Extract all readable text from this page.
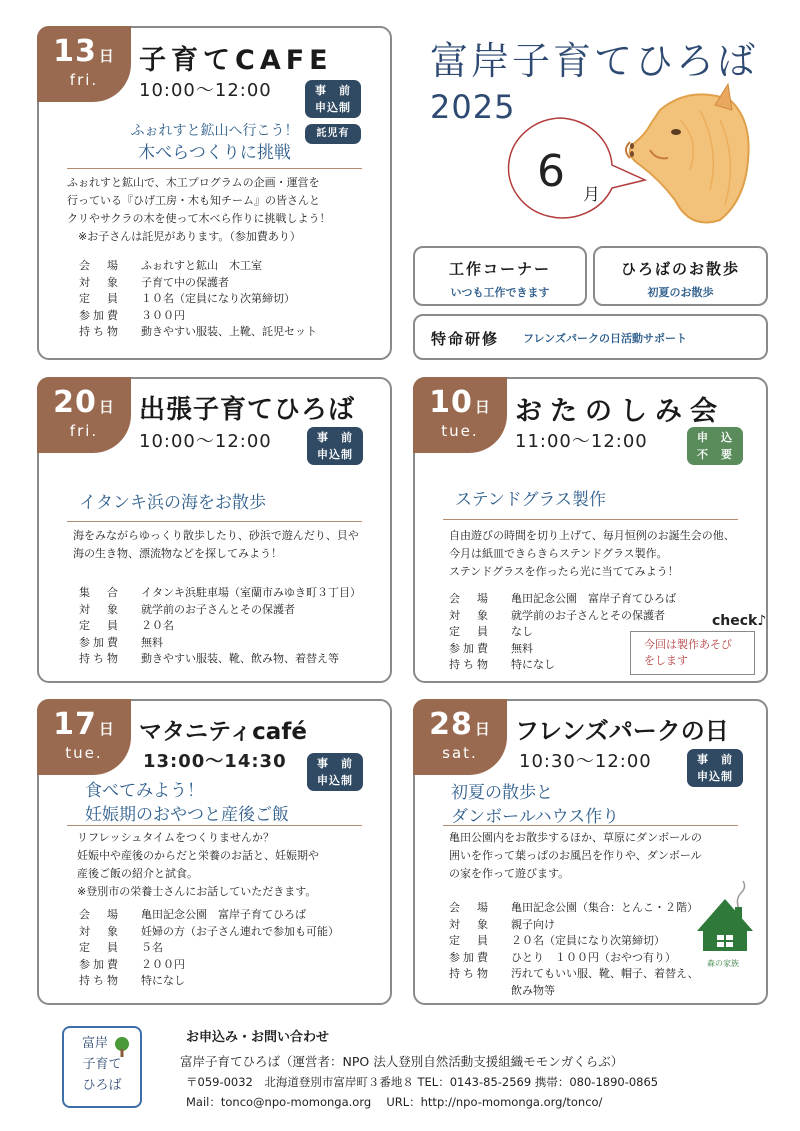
富岸子育てひろば
2025
6 月
工作コーナー
いつも工作できます
ひろばのお散歩
初夏のお散歩
特命研修 フレンズパークの日活動サポート
13 日
fri.
子育てCAFE
10:00〜12:00	事　前
申込制
託児有
ふぉれすと鉱山へ行こう！
木べらつくりに挑戦
ふぉれすと鉱山で、木工プログラムの企画・運営を
行っている『ひげ工房・木も知チーム』の皆さんと
クリやサクラの木を使って木べら作りに挑戦しよう！
　※お子さんは託児があります。（参加費あり）
会　場	ふぉれすと鉱山　木工室
対　象	子育て中の保護者
定　員	１０名（定員になり次第締切）
参加費	３００円
持ち物	動きやすい服装、上靴、託児セット
20 日
fri.
出張子育てひろば
10:00〜12:00	事　前
申込制
イタンキ浜の海をお散歩
海をみながらゆっくり散歩したり、砂浜で遊んだり、貝や
海の生き物、漂流物などを探してみよう！
集　合	イタンキ浜駐車場（室蘭市みゆき町３丁目）
対　象	就学前のお子さんとその保護者
定　員	２０名
参加費	無料
持ち物	動きやすい服装、靴、飲み物、着替え等
10 日
tue.
おたのしみ会
11:00〜12:00	申　込
不　要
ステンドグラス製作
自由遊びの時間を切り上げて、毎月恒例のお誕生会の他、
今月は紙皿できらきらステンドグラス製作。
ステンドグラスを作ったら光に当ててみよう！
会　場	亀田記念公園　富岸子育てひろば
対　象	就学前のお子さんとその保護者
定　員	なし
参加費	無料
持ち物	特になし
check♪
今回は製作あそび
をします
17 日
tue.
マタニティcafé
13:00〜14:30	事　前
申込制
食べてみよう！
妊娠期のおやつと産後ご飯
リフレッシュタイムをつくりませんか？
妊娠中や産後のからだと栄養のお話と、妊娠期や
産後ご飯の紹介と試食。
※登別市の栄養士さんにお話していただきます。
会　場	亀田記念公園　富岸子育てひろば
対　象	妊婦の方（お子さん連れで参加も可能）
定　員	５名
参加費	２００円
持ち物	特になし
28 日
sat.
フレンズパークの日
10:30〜12:00	事　前
申込制
初夏の散歩と
ダンボールハウス作り
亀田公園内をお散歩するほか、草原にダンボールの
囲いを作って葉っぱのお風呂を作りや、ダンボール
の家を作って遊びます。
会　場	亀田記念公園（集合：とんこ・２階）
対　象	親子向け
定　員	２０名（定員になり次第締切）
参加費	ひとり　１００円（おやつ有り）
持ち物	汚れてもいい服、靴、帽子、着替え、
	飲み物等
森の家族
富岸
子育て
ひろば
お申込み・お問い合わせ
富岸子育てひろば（運営者：NPO 法人登別自然活動支援組織モモンガくらぶ）
〒059-0032　北海道登別市富岸町３番地８ TEL：0143-85-2569 携帯：080-1890-0865
Mail：tonco@npo-momonga.org　 URL：http://npo-momonga.org/tonco/
